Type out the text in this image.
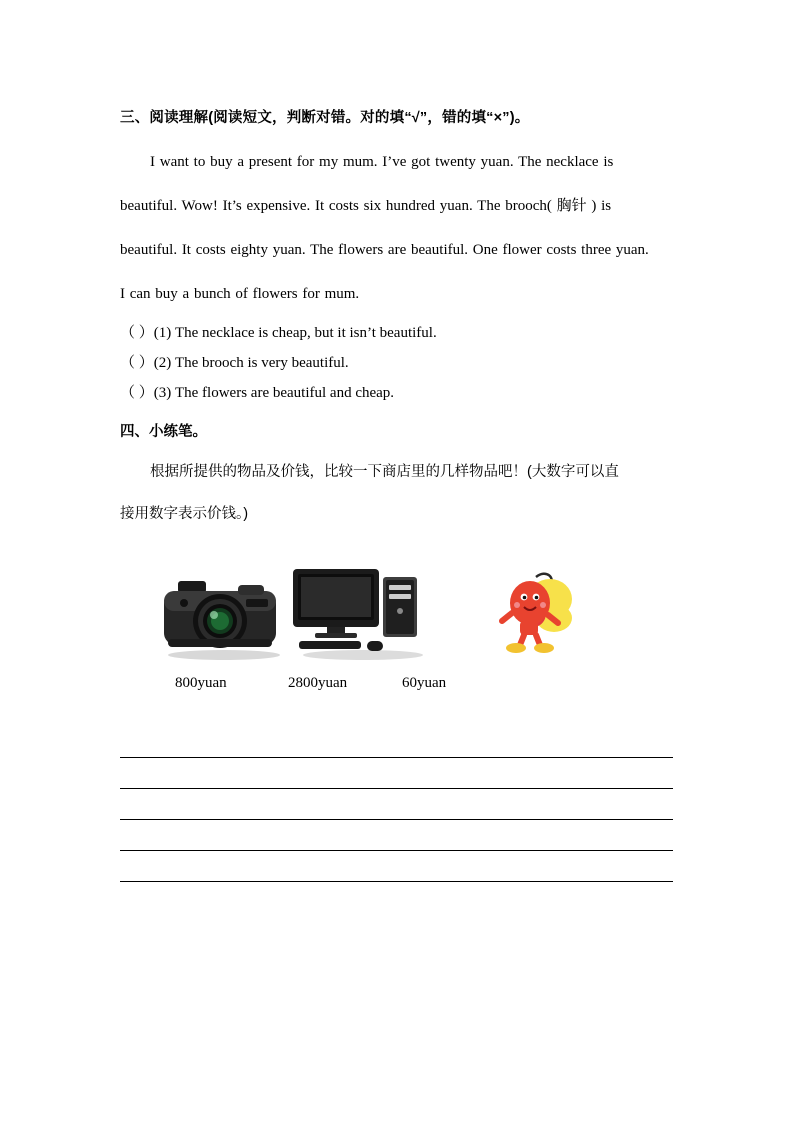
三、阅读理解(阅读短文，判断对错。对的填“√”，错的填“×”)。

I want to buy a present for my mum. I’ve got twenty yuan. The necklace is

beautiful. Wow! It’s expensive. It costs six hundred yuan. The brooch( 胸针 ) is

beautiful. It costs eighty yuan. The flowers are beautiful. One flower costs three yuan.

I can buy a bunch of flowers for mum.

（ ）(1) The necklace is cheap, but it isn’t beautiful.

（ ）(2) The brooch is very beautiful.

（ ）(3) The flowers are beautiful and cheap.

四、小练笔。

根据所提供的物品及价钱，比较一下商店里的几样物品吧！(大数字可以直

接用数字表示价钱。)

800yuan	2800yuan	60yuan
